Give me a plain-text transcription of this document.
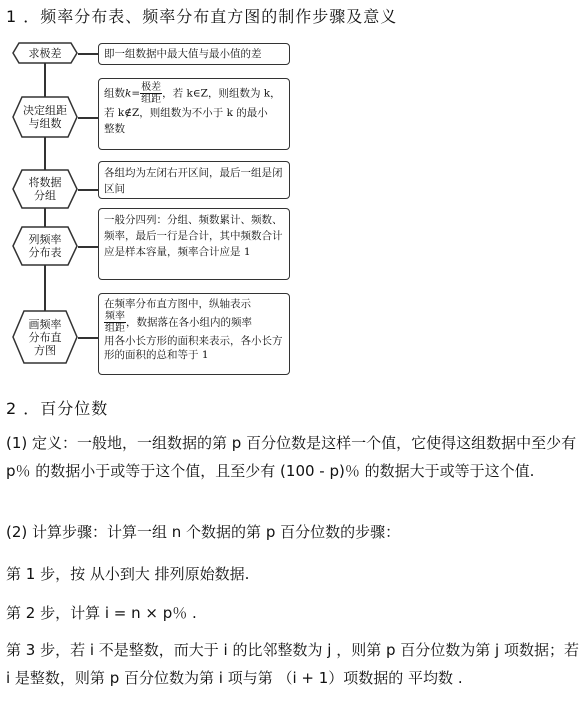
1 ．频率分布表、频率分布直方图的制作步骤及意义
求极差	即一组数据中最大值与最小值的差
决定组距
与组数
组数$k= \frac{\text{极差}}{\text{组距}}$ ，若 k∈Z，则组数为 k，
若 k∉Z，则组数为不小于 k 的最小
整数
将数据
分组
各组均为左闭右开区间，最后一组是闭区间
列频率
分布表
一般分四列：分组、频数累计、频数、频率，最后一行是合计，其中频数合计应是样本容量，频率合计应是 1
画频率
分布直
方图
在频率分布直方图中，纵轴表示
$\frac{\text{频率}}{\text{组距}}$ ，数据落在各小组内的频率
用各小长方形的面积来表示，各小长方形的面积的总和等于 1
2 ．百分位数
(1) 定义：一般地，一组数据的第 p 百分位数是这样一个值，它使得这组数据中至少有 p％ 的数据小于或等于这个值，且至少有 (100 - p)％ 的数据大于或等于这个值.
(2) 计算步骤：计算一组 n 个数据的第 p 百分位数的步骤：
第 1 步，按 从小到大 排列原始数据.
第 2 步，计算 i = n × p％ .
第 3 步，若 i 不是整数，而大于 i 的比邻整数为 j ，则第 p 百分位数为第 j 项数据；若 i 是整数，则第 p 百分位数为第 i 项与第 （i + 1）项数据的 平均数 .
